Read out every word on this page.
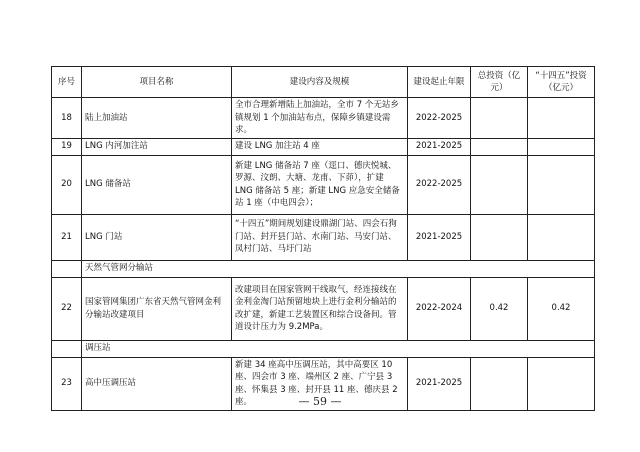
序号	项目名称	建设内容及规模	建设起止年限	总投资（亿元）	“十四五”投资（亿元）
18	陆上加油站	全市合理新增陆上加油站，全市 7 个无站乡镇规划 1 个加油站布点，保障乡镇建设需求。	2022-2025		
19	LNG 内河加注站	建设 LNG 加注站 4 座	2021-2025		
20	LNG 储备站	新建 LNG 储备站 7 座（逕口、德庆悦城、罗源、汶朗、大塘、龙甫、下茆），扩建 LNG 储备站 5 座；新建 LNG 应急安全储备站 1 座（中电四会）；	2022-2025		
21	LNG 门站	“十四五”期间规划建设鼎湖门站、四会石狗门站、封开县门站、水南门站、马安门站、凤村门站、马圩门站	2021-2025		
	天然气管网分输站				
22	国家管网集团广东省天然气管网金利分输站改建项目	改建项目在国家管网干线取气，经连接线在金利金淘门站预留地块上进行金利分输站的改扩建，新建工艺装置区和综合设备间。管道设计压力为 9.2MPa。	2022-2024	0.42	0.42
	调压站				
23	高中压调压站	新建 34 座高中压调压站，其中高要区 10 座、四会市 3 座、端州区 2 座、广宁县 3 座、怀集县 3 座、封开县 11 座、德庆县 2 座。	2021-2025		
— 59 —
